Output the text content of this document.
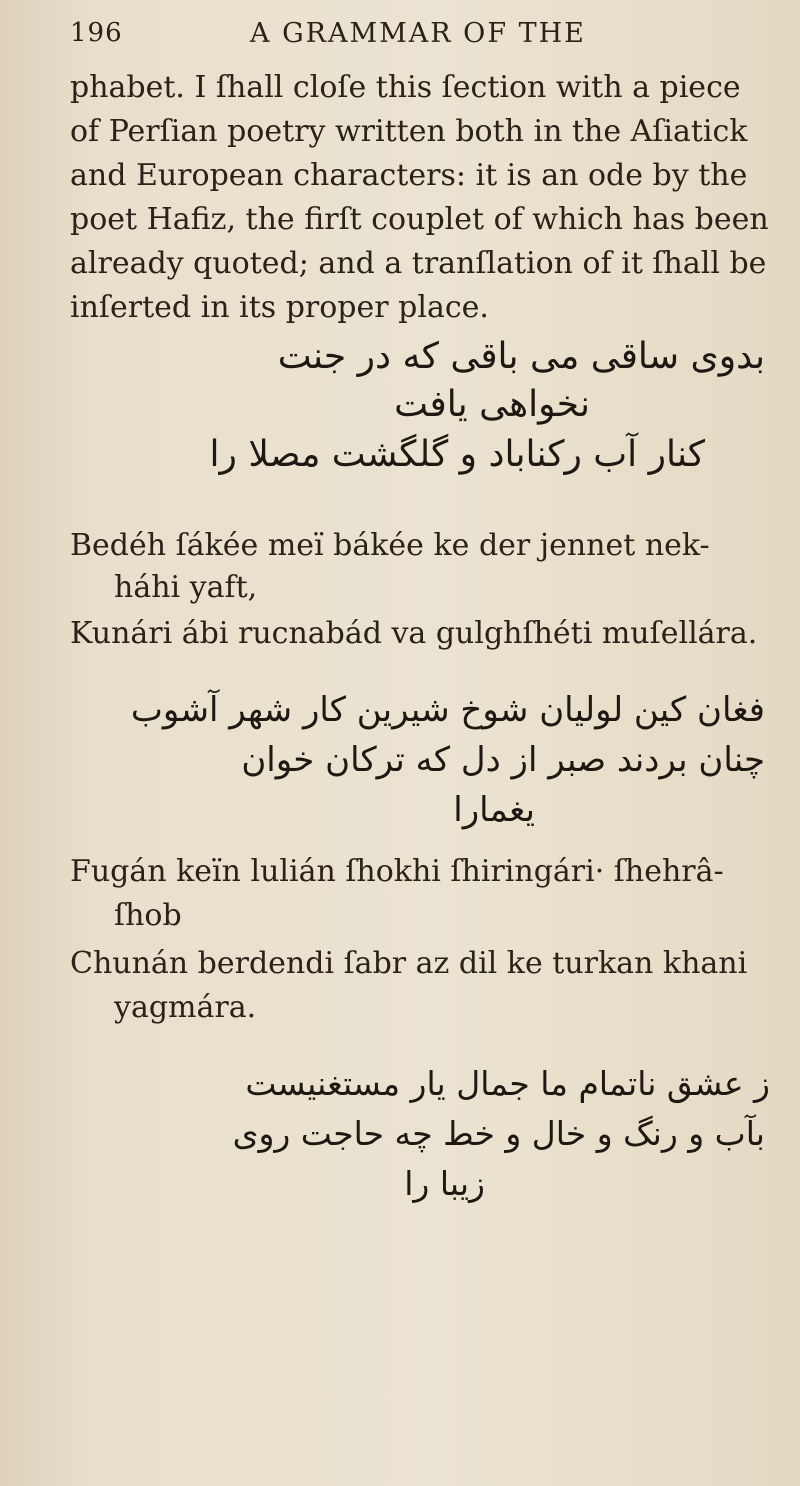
196	A GRAMMAR OF THE

phabet. I ſhall cloſe this ſection with a piece

of Perſian poetry written both in the Aſiatick

and European characters: it is an ode by the

poet Hafiz, the firſt couplet of which has been

already quoted; and a tranſlation of it ſhall be

inſerted in its proper place.

بدوی ساقی می باقی که در جنت
نخواهی یافت
کنار آب رکناباد و گلگشت مصلا را
Bedéh ſákée meï bákée ke der jennet nek-
háhi yaft,
Kunári ábi rucnabád va gulghſhéti muſellára.
فغان کین لولیان شوخ شیرین کار شهر آشوب
چنان بردند صبر از دل که ترکان خوان
یغمارا
Fugán keïn lulián ſhokhi ſhiringári· ſhehrâ-
ſhob
Chunán berdendi ſabr az dil ke turkan khani
yagmára.
ز عشق ناتمام ما جمال یار مستغنیست
بآب و رنگ و خال و خط چه حاجت روی
زیبا را
